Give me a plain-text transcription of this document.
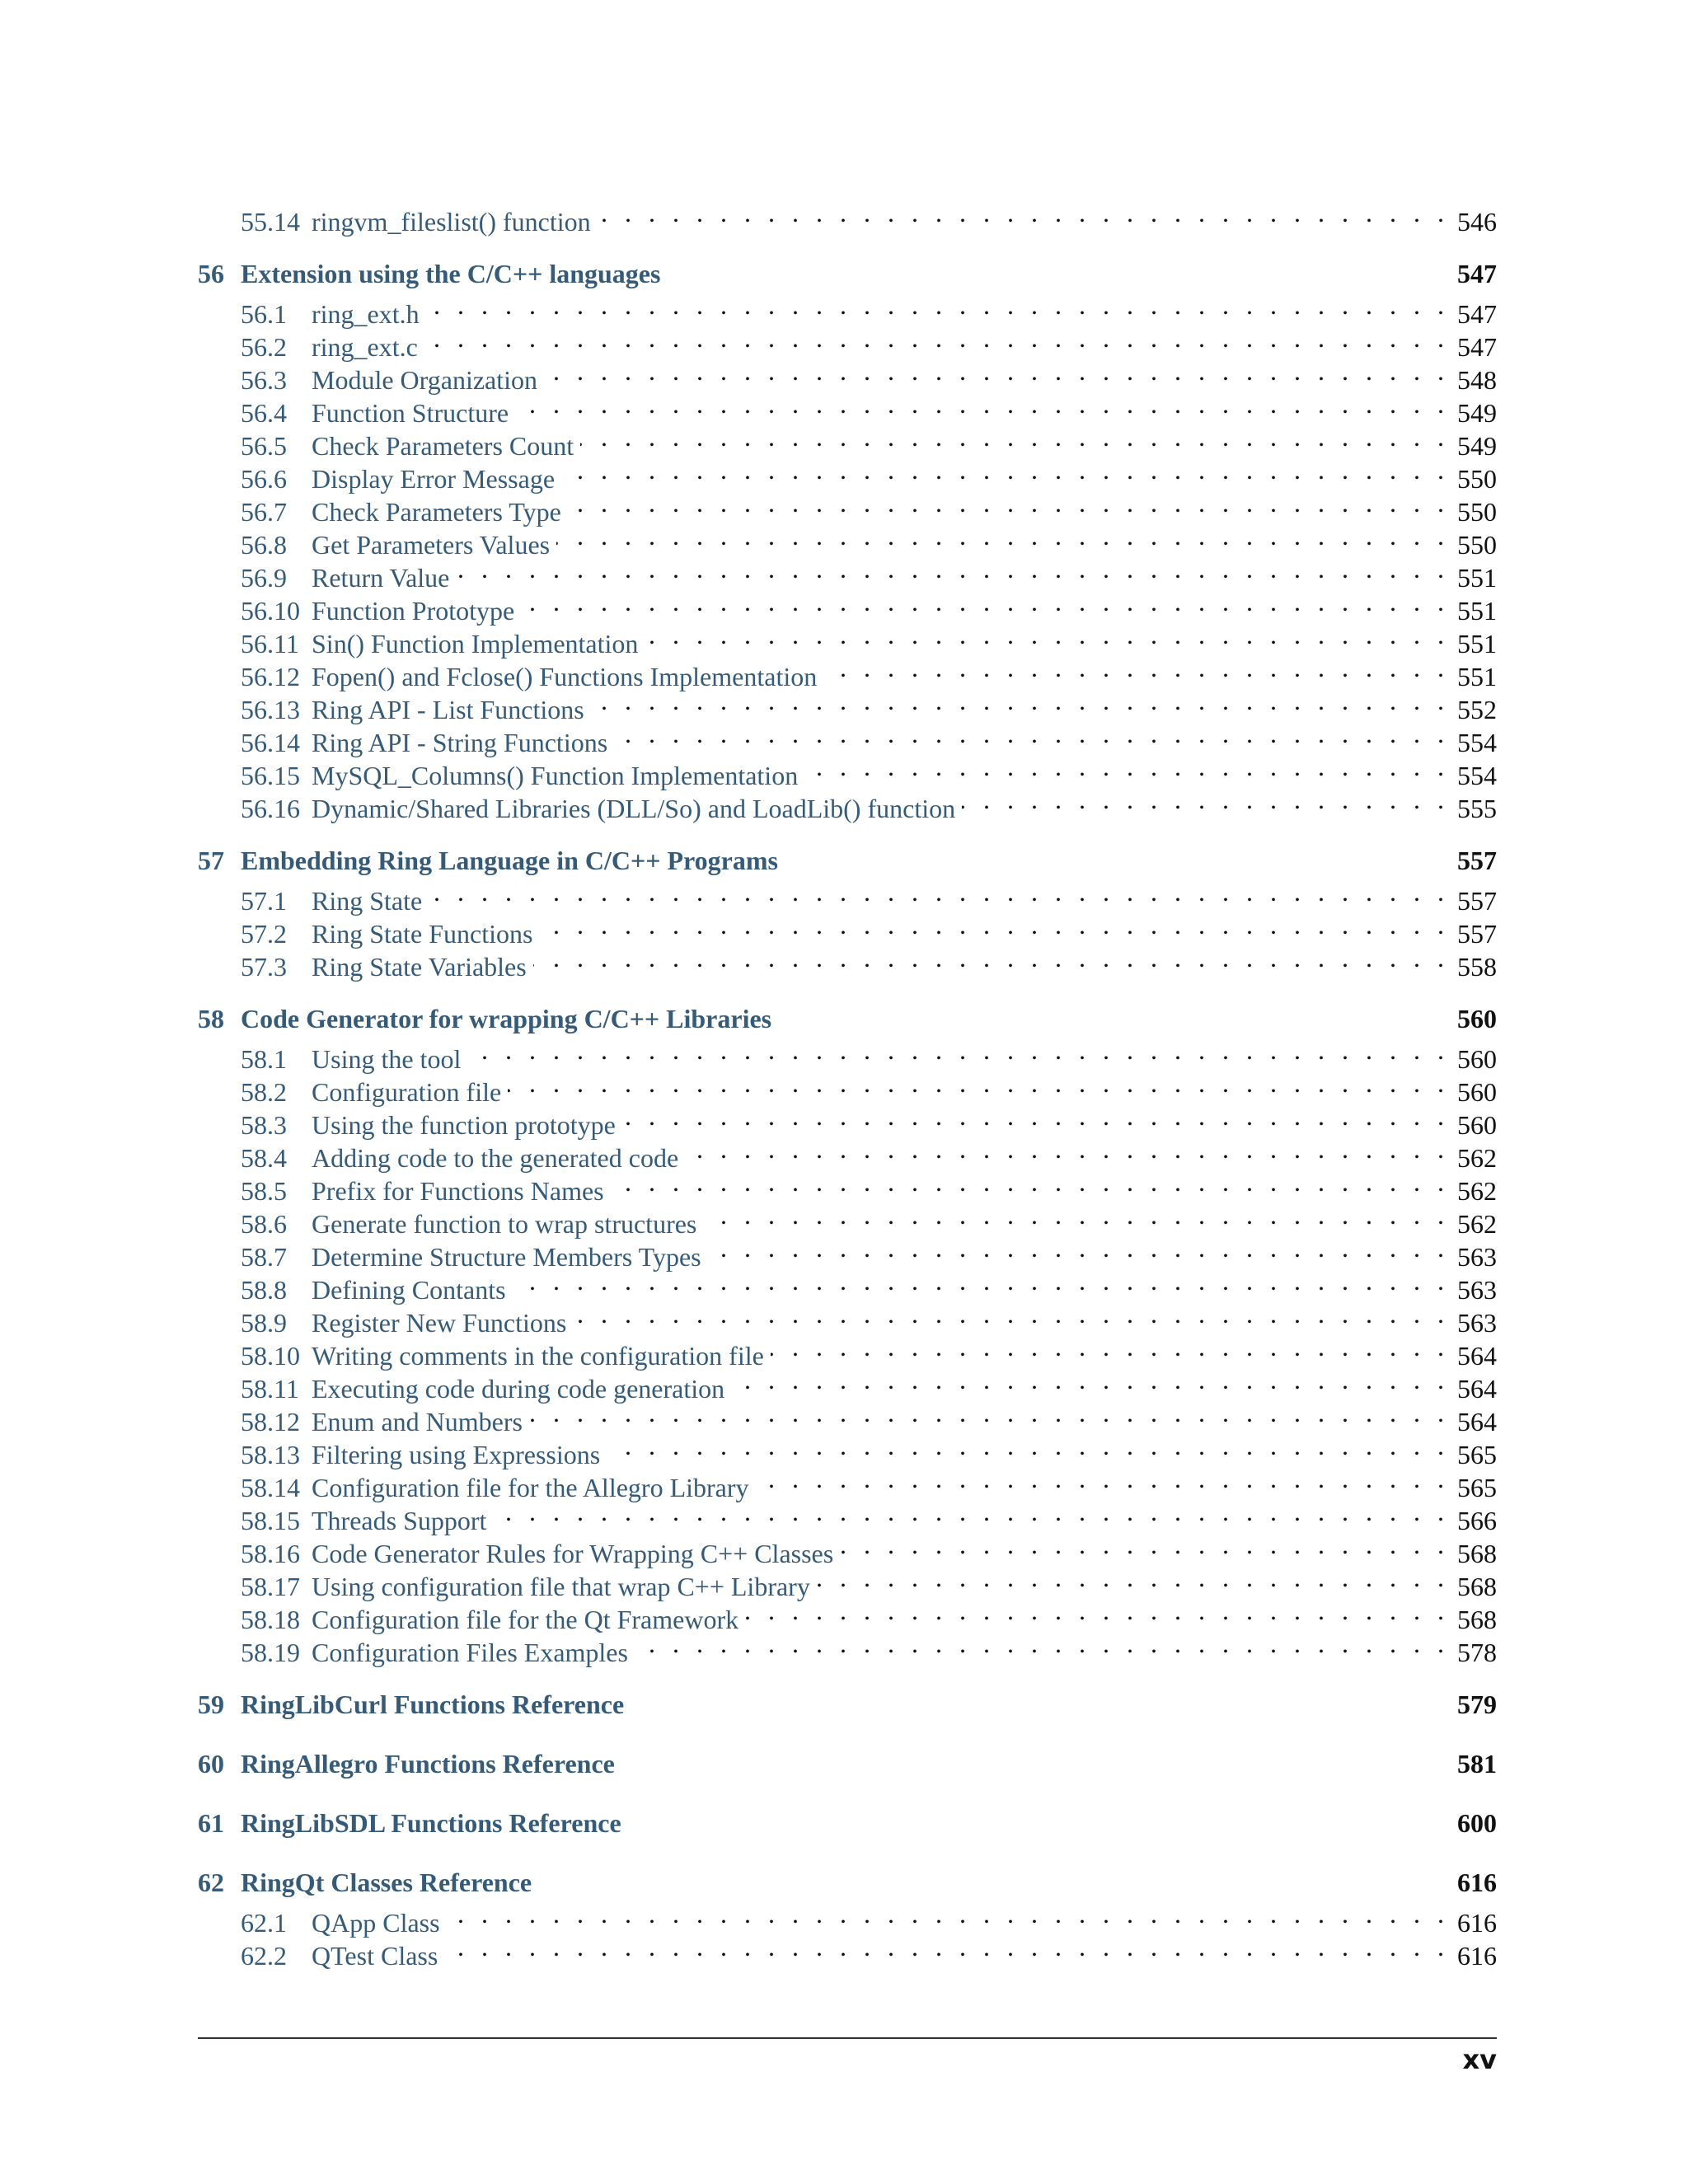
55.14 ringvm_fileslist() function . . .	546
56 Extension using the C/C++ languages	547
56.1 ring_ext.h . . .	547
56.2 ring_ext.c . . .	547
56.3 Module Organization . . .	548
56.4 Function Structure . . .	549
56.5 Check Parameters Count . . .	549
56.6 Display Error Message . . .	550
56.7 Check Parameters Type . . .	550
56.8 Get Parameters Values . . .	550
56.9 Return Value . . .	551
56.10 Function Prototype . . .	551
56.11 Sin() Function Implementation . . .	551
56.12 Fopen() and Fclose() Functions Implementation . . .	551
56.13 Ring API - List Functions . . .	552
56.14 Ring API - String Functions . . .	554
56.15 MySQL_Columns() Function Implementation . . .	554
56.16 Dynamic/Shared Libraries (DLL/So) and LoadLib() function . . .	555
57 Embedding Ring Language in C/C++ Programs	557
57.1 Ring State . . .	557
57.2 Ring State Functions . . .	557
57.3 Ring State Variables . . .	558
58 Code Generator for wrapping C/C++ Libraries	560
58.1 Using the tool . . .	560
58.2 Configuration file . . .	560
58.3 Using the function prototype . . .	560
58.4 Adding code to the generated code . . .	562
58.5 Prefix for Functions Names . . .	562
58.6 Generate function to wrap structures . . .	562
58.7 Determine Structure Members Types . . .	563
58.8 Defining Contants . . .	563
58.9 Register New Functions . . .	563
58.10 Writing comments in the configuration file . . .	564
58.11 Executing code during code generation . . .	564
58.12 Enum and Numbers . . .	564
58.13 Filtering using Expressions . . .	565
58.14 Configuration file for the Allegro Library . . .	565
58.15 Threads Support . . .	566
58.16 Code Generator Rules for Wrapping C++ Classes . . .	568
58.17 Using configuration file that wrap C++ Library . . .	568
58.18 Configuration file for the Qt Framework . . .	568
58.19 Configuration Files Examples . . .	578
59 RingLibCurl Functions Reference	579
60 RingAllegro Functions Reference	581
61 RingLibSDL Functions Reference	600
62 RingQt Classes Reference	616
62.1 QApp Class . . .	616
62.2 QTest Class . . .	616
xv
